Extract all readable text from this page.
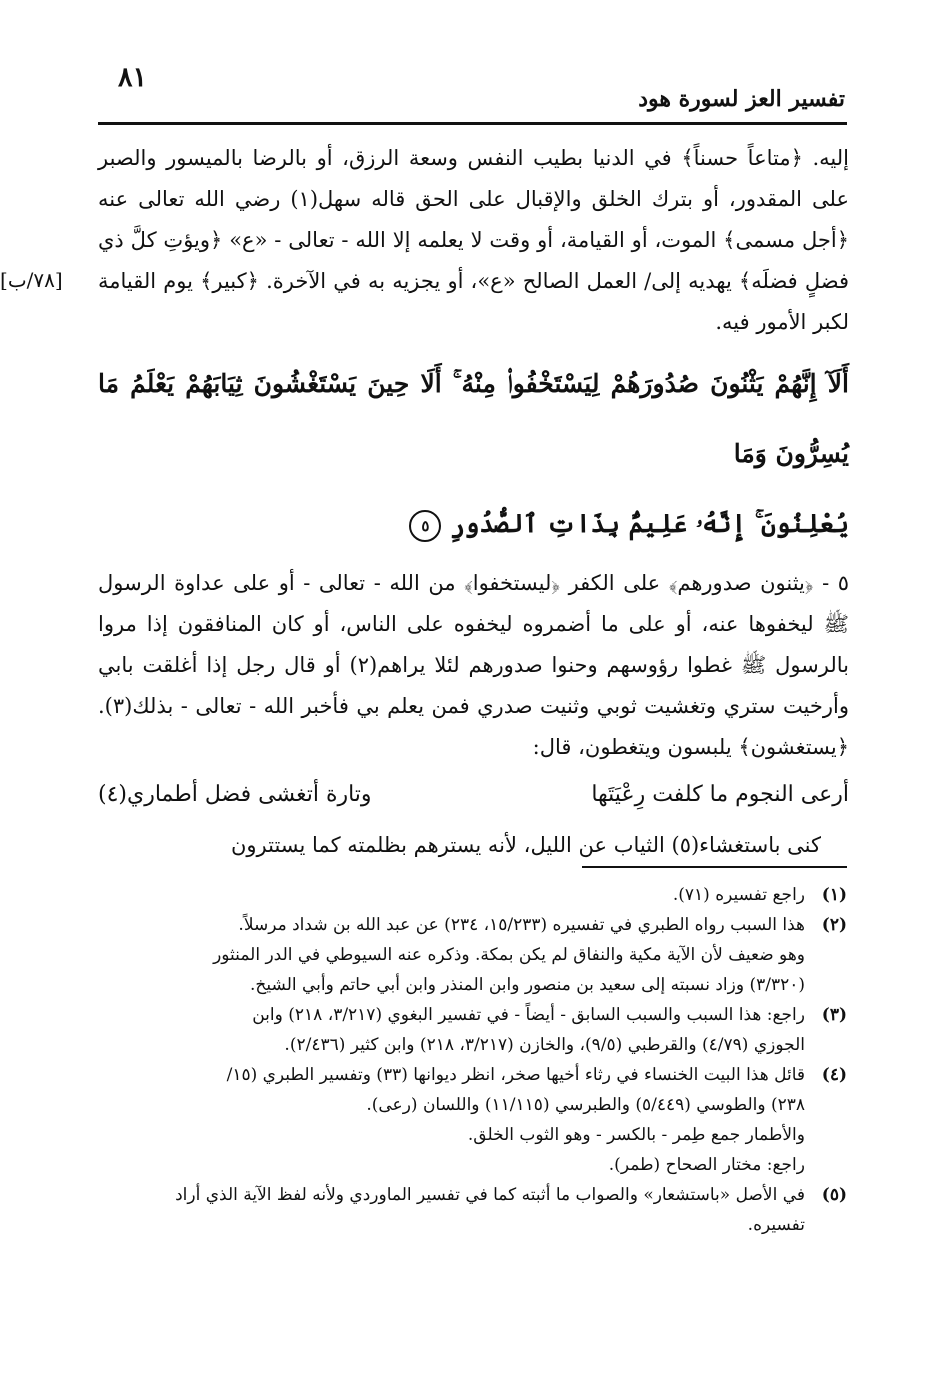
٨١
تفسير العز لسورة هود
[٧٨/ب]

إليه. ﴿متاعاً حسناً﴾ في الدنيا بطيب النفس وسعة الرزق، أو بالرضا بالميسور والصبر على المقدور، أو بترك الخلق والإقبال على الحق قاله سهل(١) رضي الله تعالى عنه ﴿أجل مسمى﴾ الموت، أو القيامة، أو وقت لا يعلمه إلا الله - تعالى - «ع» ﴿ويؤتِ كلَّ ذي فضلٍ فضلَه﴾ يهديه إلى/ العمل الصالح «ع»، أو يجزيه به في الآخرة. ﴿كبير﴾ يوم القيامة لكبر الأمور فيه.

أَلَآ إِنَّهُمْ يَثْنُونَ صُدُورَهُمْ لِيَسْتَخْفُوا۟ مِنْهُ ۚ أَلَا حِينَ يَسْتَغْشُونَ ثِيَابَهُمْ يَعْلَمُ مَا يُسِرُّونَ وَمَا
يُعْلِنُونَ ۚ إِنَّهُۥ عَلِيمٌۢ بِذَاتِ ٱلصُّدُورِ ٥

٥ - ﴿يثنون صدورهم﴾ على الكفر ﴿ليستخفوا﴾ من الله - تعالى - أو على عداوة الرسول ﷺ ليخفوها عنه، أو على ما أضمروه ليخفوه على الناس، أو كان المنافقون إذا مروا بالرسول ﷺ غطوا رؤوسهم وحنوا صدورهم لئلا يراهم(٢) أو قال رجل إذا أغلقت بابي وأرخيت ستري وتغشيت ثوبي وثنيت صدري فمن يعلم بي فأخبر الله - تعالى - بذلك(٣). ﴿يستغشون﴾ يلبسون ويتغطون، قال:

أرعى النجوم ما كلفت رِعْيَتَها
وتارة أتغشى فضل أطماري(٤)

كنى باستغشاء(٥) الثياب عن الليل، لأنه يسترهم بظلمته كما يستترون

(١)
راجع تفسيره (٧١).
(٢)
هذا السبب رواه الطبري في تفسيره (١٥/٢٣٣، ٢٣٤) عن عبد الله بن شداد مرسلاً.
وهو ضعيف لأن الآية مكية والنفاق لم يكن بمكة. وذكره عنه السيوطي في الدر المنثور
(٣/٣٢٠) وزاد نسبته إلى سعيد بن منصور وابن المنذر وابن أبي حاتم وأبي الشيخ.
(٣)
راجع: هذا السبب والسبب السابق - أيضاً - في تفسير البغوي (٣/٢١٧، ٢١٨) وابن
الجوزي (٤/٧٩) والقرطبي (٩/٥)، والخازن (٣/٢١٧، ٢١٨) وابن كثير (٢/٤٣٦).
(٤)
قائل هذا البيت الخنساء في رثاء أخيها صخر، انظر ديوانها (٣٣) وتفسير الطبري (١٥/
٢٣٨) والطوسي (٥/٤٤٩) والطبرسي (١١/١١٥) واللسان (رعى).
والأطمار جمع طِمر - بالكسر - وهو الثوب الخلق.
راجع: مختار الصحاح (طمر).
(٥)
في الأصل «باستشعار» والصواب ما أثبته كما في تفسير الماوردي ولأنه لفظ الآية الذي أراد
تفسيره.
